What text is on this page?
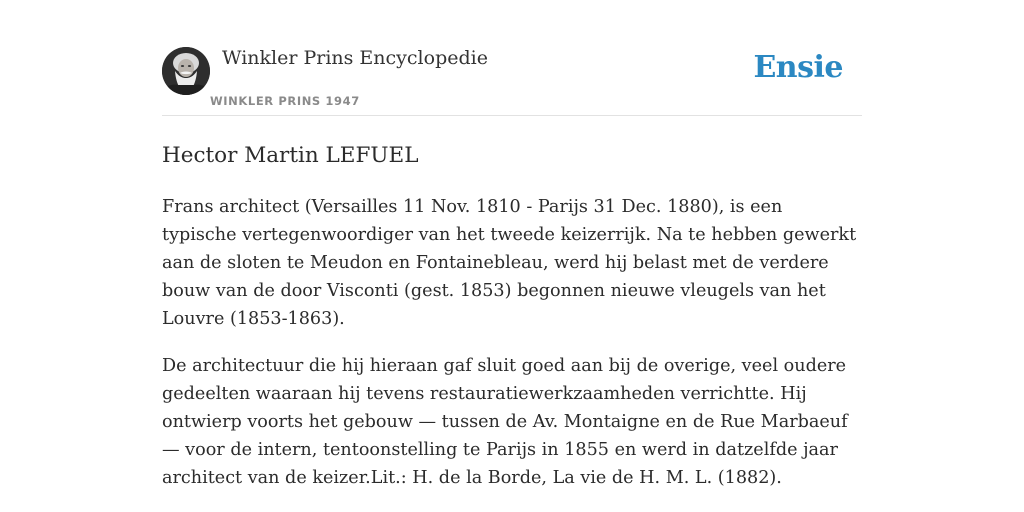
Winkler Prins Encyclopedie
WINKLER PRINS 1947
Ensie
Hector Martin LEFUEL

Frans architect (Versailles 11 Nov. 1810 - Parijs 31 Dec. 1880), is een typische vertegenwoordiger van het tweede keizerrijk. Na te hebben gewerkt aan de sloten te Meudon en Fontainebleau, werd hij belast met de verdere bouw van de door Visconti (gest. 1853) begonnen nieuwe vleugels van het Louvre (1853-1863).

De architectuur die hij hieraan gaf sluit goed aan bij de overige, veel oudere gedeelten waaraan hij tevens restauratiewerkzaamheden verrichtte. Hij ontwierp voorts het gebouw — tussen de Av. Montaigne en de Rue Marbaeuf— voor de intern, tentoonstelling te Parijs in 1855 en werd in datzelfde jaar architect van de keizer.Lit.: H. de la Borde, La vie de H. M. L. (1882).
